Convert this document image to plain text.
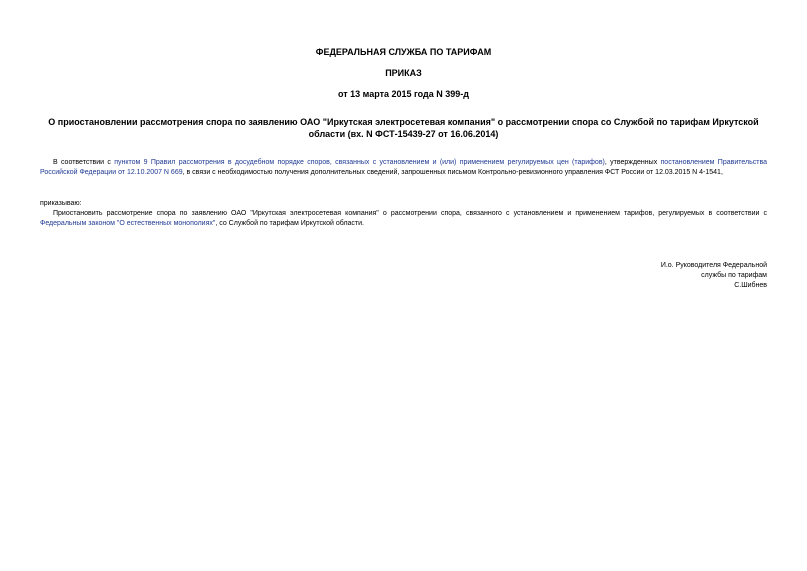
ФЕДЕРАЛЬНАЯ СЛУЖБА ПО ТАРИФАМ
ПРИКАЗ
от 13 марта 2015 года N 399-д
О приостановлении рассмотрения спора по заявлению ОАО "Иркутская электросетевая компания" о рассмотрении спора со Службой по тарифам Иркутской области (вх. N ФСТ-15439-27 от 16.06.2014)

В соответствии с пунктом 9 Правил рассмотрения в досудебном порядке споров, связанных с установлением и (или) применением регулируемых цен (тарифов), утвержденных постановлением Правительства Российской Федерации от 12.10.2007 N 669, в связи с необходимостью получения дополнительных сведений, запрошенных письмом Контрольно-ревизионного управления ФСТ России от 12.03.2015 N 4-1541,

приказываю:

Приостановить рассмотрение спора по заявлению ОАО "Иркутская электросетевая компания" о рассмотрении спора, связанного с установлением и применением тарифов, регулируемых в соответствии с Федеральным законом "О естественных монополиях", со Службой по тарифам Иркутской области.

И.о. Руководителя Федеральной
службы по тарифам
С.Шибнев
